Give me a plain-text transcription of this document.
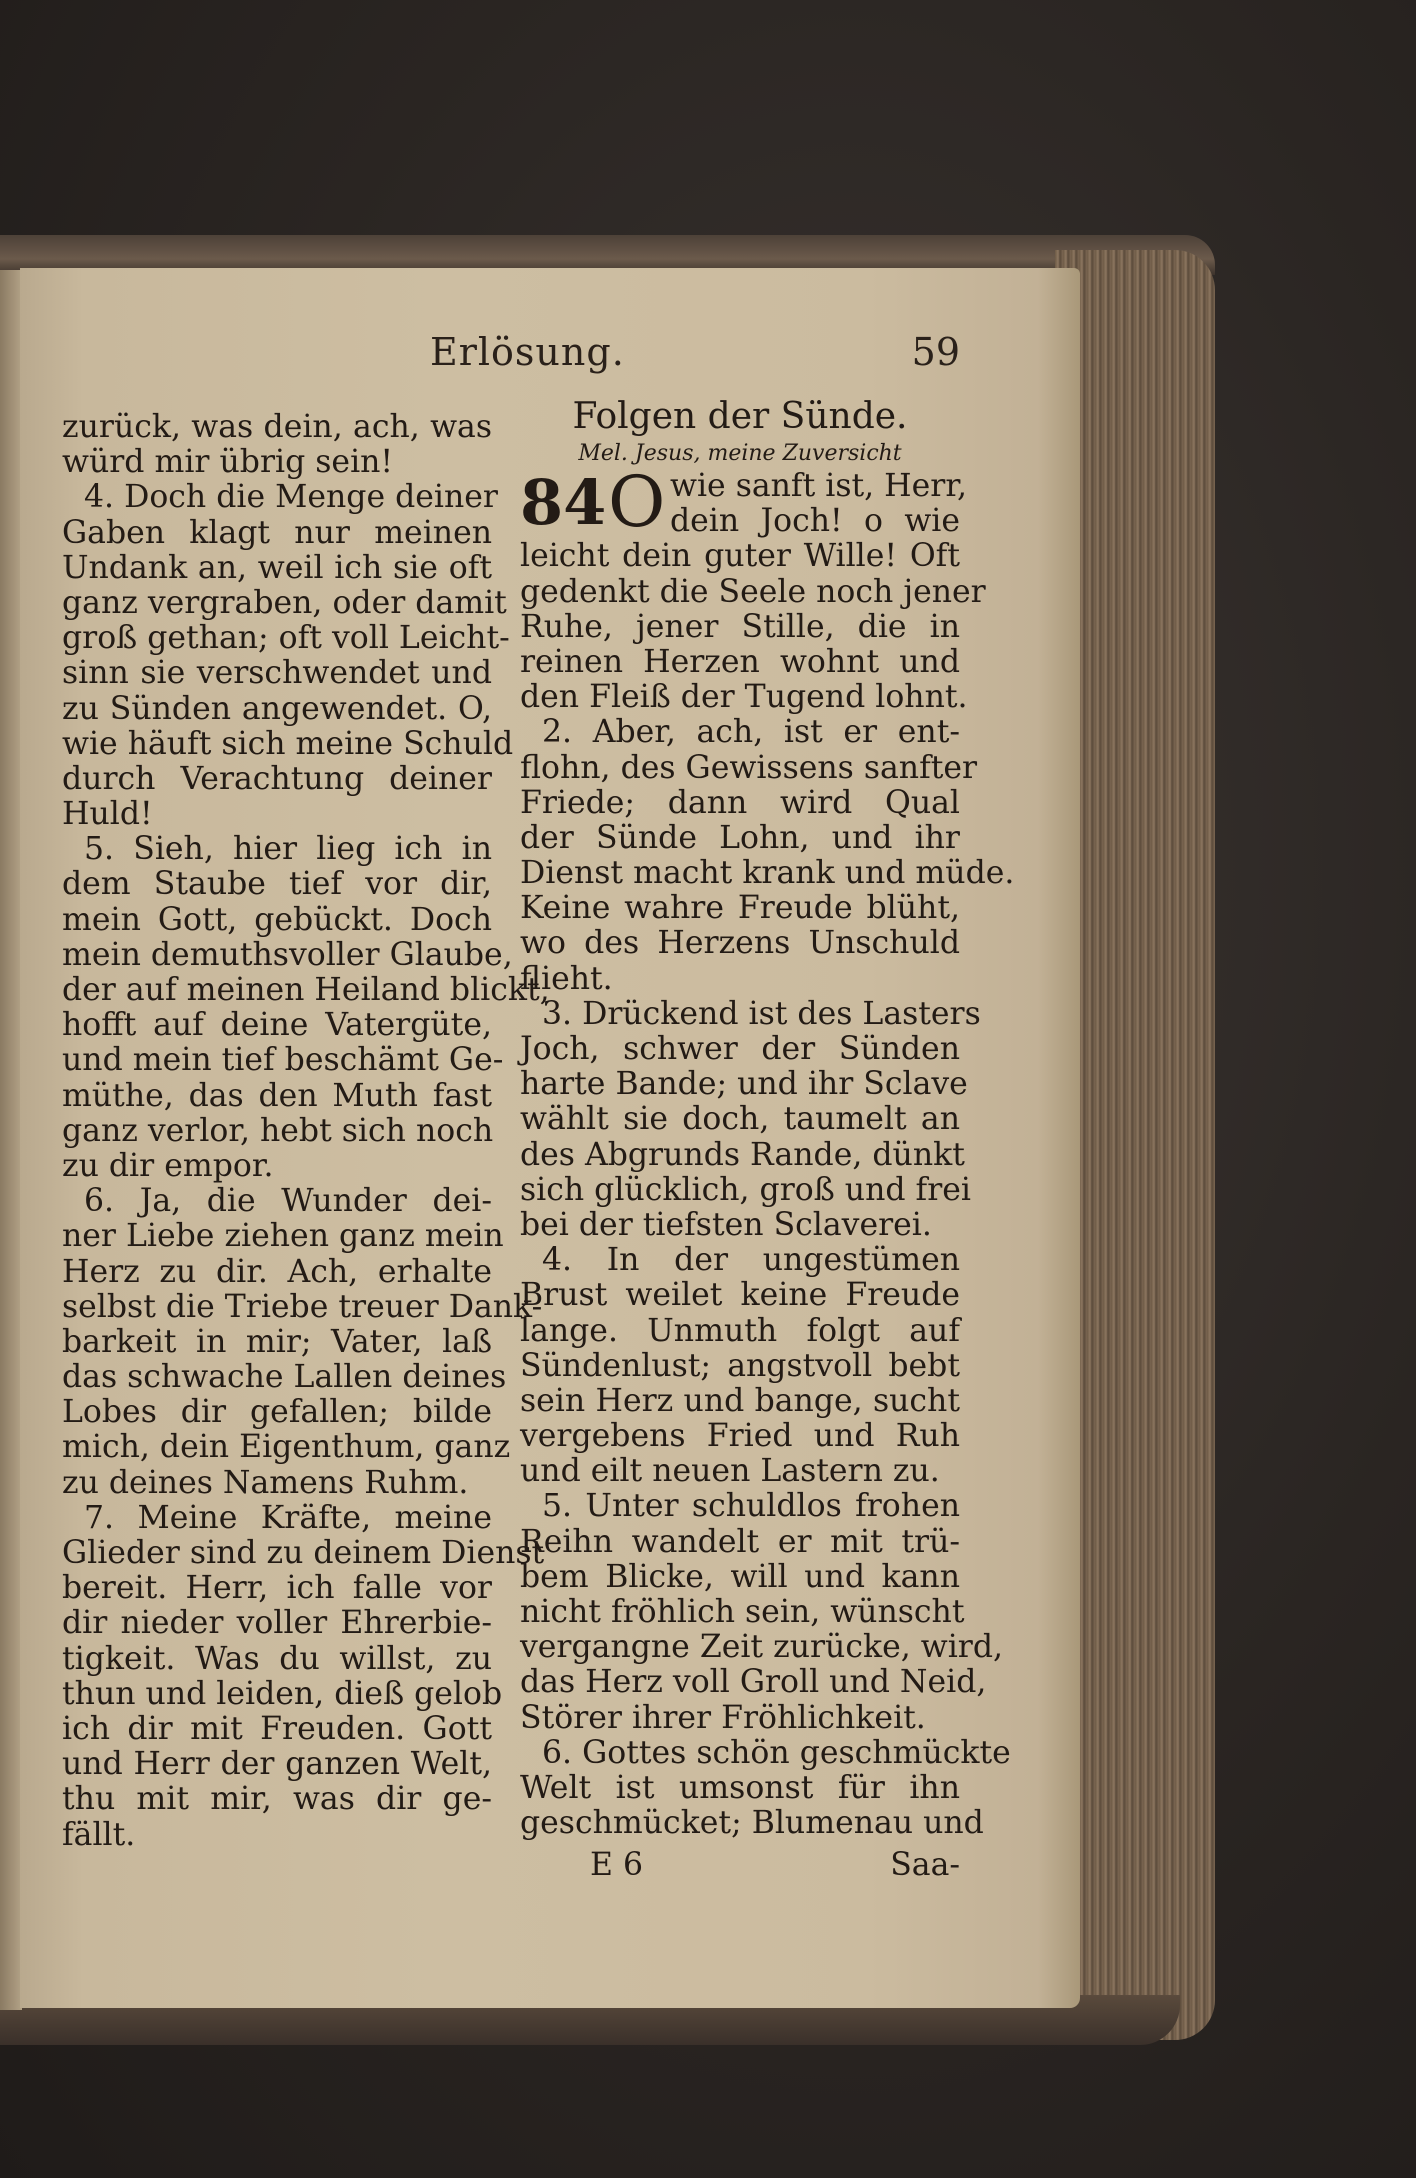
Erlösung.	59
zurück, was dein, ach, was
würd mir übrig sein!
4. Doch die Menge deiner
Gaben klagt nur meinen
Undank an, weil ich sie oft
ganz vergraben, oder damit
groß gethan; oft voll Leicht-
sinn sie verschwendet und
zu Sünden angewendet. O,
wie häuft sich meine Schuld
durch Verachtung deiner
Huld!
5. Sieh, hier lieg ich in
dem Staube tief vor dir,
mein Gott, gebückt. Doch
mein demuthsvoller Glaube,
der auf meinen Heiland blickt,
hofft auf deine Vatergüte,
und mein tief beschämt Ge-
müthe, das den Muth fast
ganz verlor, hebt sich noch
zu dir empor.
6. Ja, die Wunder dei-
ner Liebe ziehen ganz mein
Herz zu dir. Ach, erhalte
selbst die Triebe treuer Dank-
barkeit in mir; Vater, laß
das schwache Lallen deines
Lobes dir gefallen; bilde
mich, dein Eigenthum, ganz
zu deines Namens Ruhm.
7. Meine Kräfte, meine
Glieder sind zu deinem Dienst
bereit. Herr, ich falle vor
dir nieder voller Ehrerbie-
tigkeit. Was du willst, zu
thun und leiden, dieß gelob
ich dir mit Freuden. Gott
und Herr der ganzen Welt,
thu mit mir, was dir ge-
fällt.
Folgen der Sünde.
Mel. Jesus, meine Zuversicht
84 O wie sanft ist, Herr,
dein Joch! o wie
leicht dein guter Wille! Oft
gedenkt die Seele noch jener
Ruhe, jener Stille, die in
reinen Herzen wohnt und
den Fleiß der Tugend lohnt.
2. Aber, ach, ist er ent-
flohn, des Gewissens sanfter
Friede; dann wird Qual
der Sünde Lohn, und ihr
Dienst macht krank und müde.
Keine wahre Freude blüht,
wo des Herzens Unschuld
flieht.
3. Drückend ist des Lasters
Joch, schwer der Sünden
harte Bande; und ihr Sclave
wählt sie doch, taumelt an
des Abgrunds Rande, dünkt
sich glücklich, groß und frei
bei der tiefsten Sclaverei.
4. In der ungestümen
Brust weilet keine Freude
lange. Unmuth folgt auf
Sündenlust; angstvoll bebt
sein Herz und bange, sucht
vergebens Fried und Ruh
und eilt neuen Lastern zu.
5. Unter schuldlos frohen
Reihn wandelt er mit trü-
bem Blicke, will und kann
nicht fröhlich sein, wünscht
vergangne Zeit zurücke, wird,
das Herz voll Groll und Neid,
Störer ihrer Fröhlichkeit.
6. Gottes schön geschmückte
Welt ist umsonst für ihn
geschmücket; Blumenau und
E 6	Saa-
